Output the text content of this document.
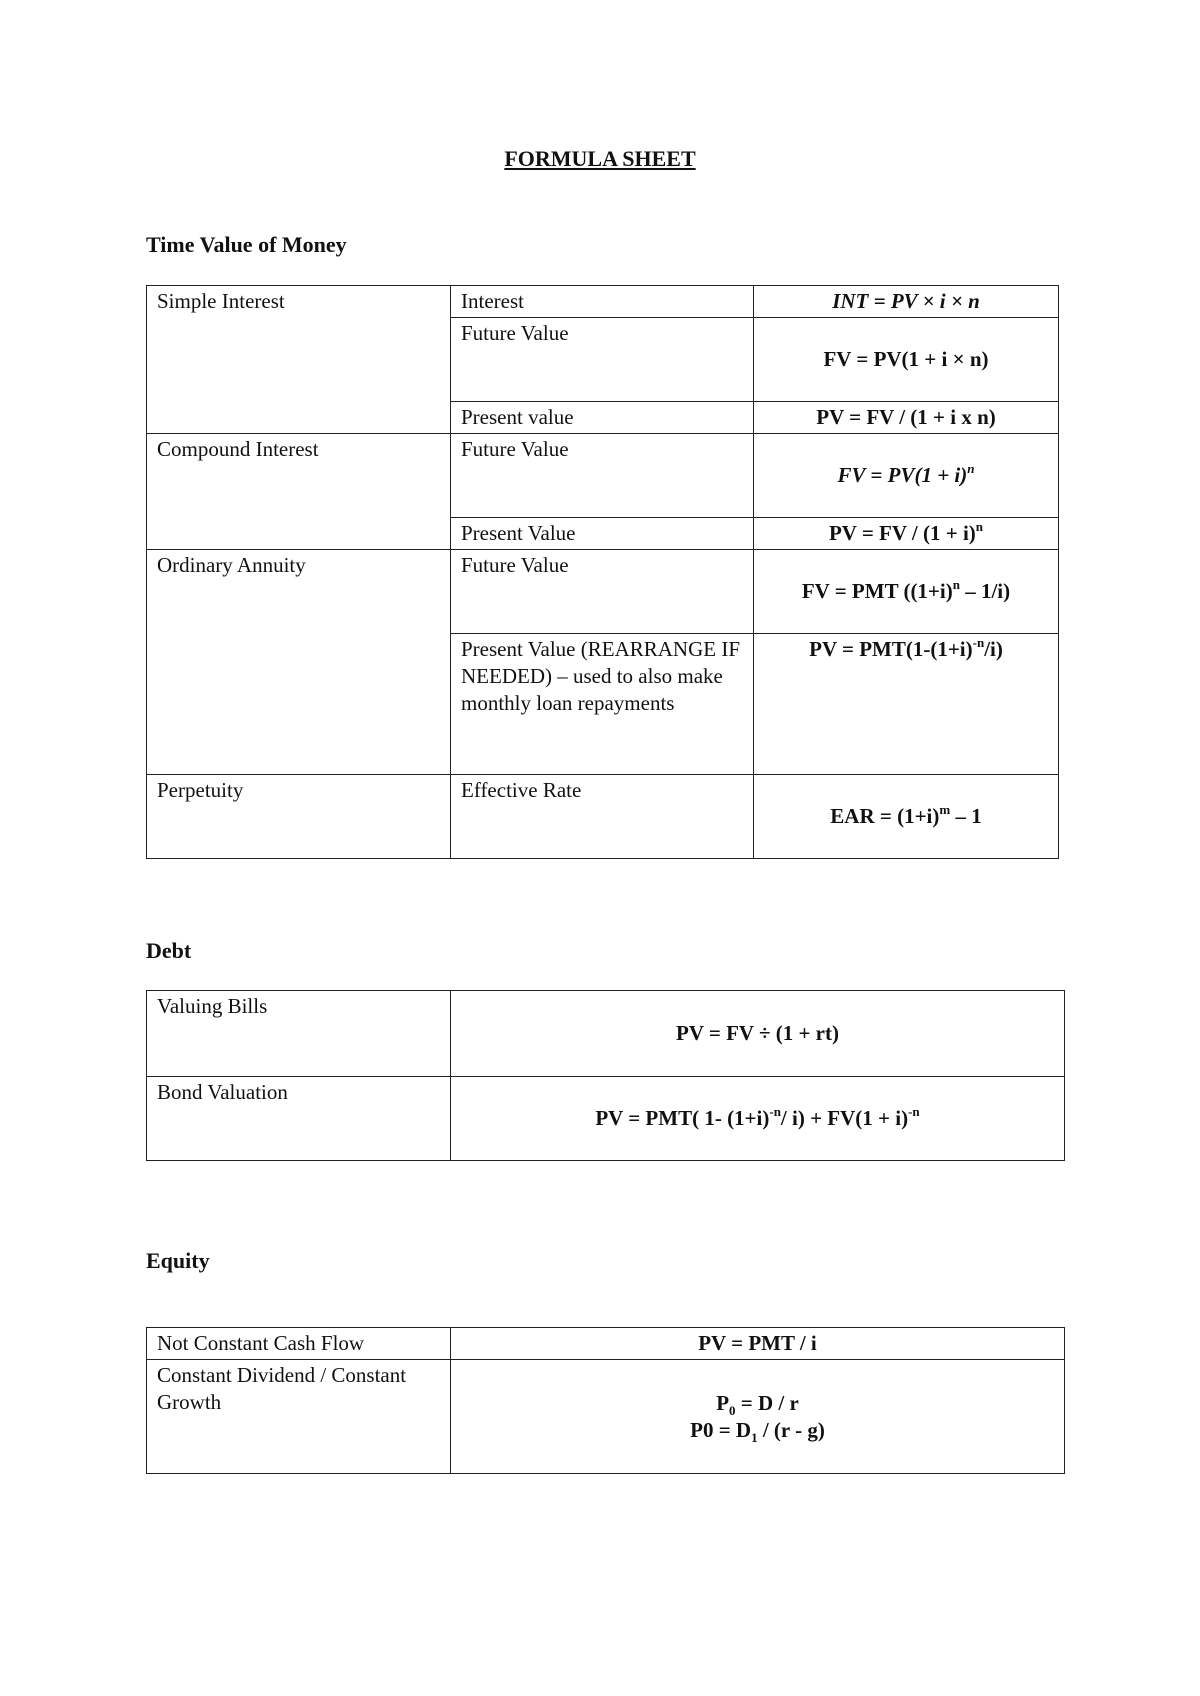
FORMULA SHEET
Time Value of Money
Simple Interest	Interest	INT = PV × i × n
	Future Value	FV = PV(1 + i × n)
	Present value	PV = FV / (1 + i x n)
Compound Interest	Future Value	FV = $PV(1 + i)^n$
	Present Value	PV = FV / $(1 + i)^n$
Ordinary Annuity	Future Value	FV = PMT $((1+i)^n - 1/i)$
	Present Value (REARRANGE IF NEEDED) – used to also make monthly loan repayments	PV = $PMT(1-(1+i)^{-n}/i)$
Perpetuity	Effective Rate	EAR = $(1+i)^m - 1$
Debt
Valuing Bills	PV = FV ÷ (1 + rt)
Bond Valuation	PV = PMT( 1- $(1+i)^{-n}/$ $i) + FV(1 + i)^{-n}$
Equity
Not Constant Cash Flow	PV = PMT / i
Constant Dividend / Constant Growth	$P_0 = D / r$
$P0 = D_1 / (r - g)$
